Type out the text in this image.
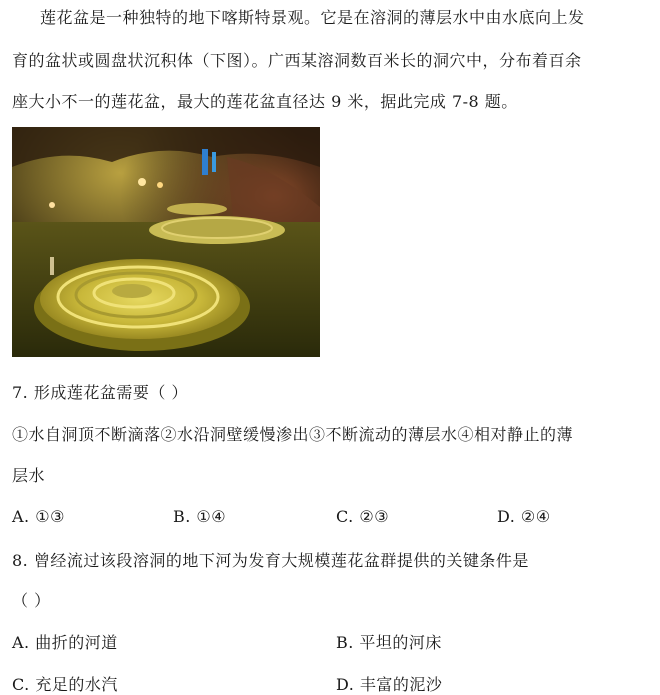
莲花盆是一种独特的地下喀斯特景观。它是在溶洞的薄层水中由水底向上发
育的盆状或圆盘状沉积体（下图）。广西某溶洞数百米长的洞穴中，分布着百余
座大小不一的莲花盆，最大的莲花盆直径达 9 米，据此完成 7-8 题。
7. 形成莲花盆需要（ ）
①水自洞顶不断滴落②水沿洞壁缓慢渗出③不断流动的薄层水④相对静止的薄
层水
A. ①③	B. ①④	C. ②③	D. ②④
8. 曾经流过该段溶洞的地下河为发育大规模莲花盆群提供的关键条件是
（ ）
A. 曲折的河道	B. 平坦的河床
C. 充足的水汽	D. 丰富的泥沙
